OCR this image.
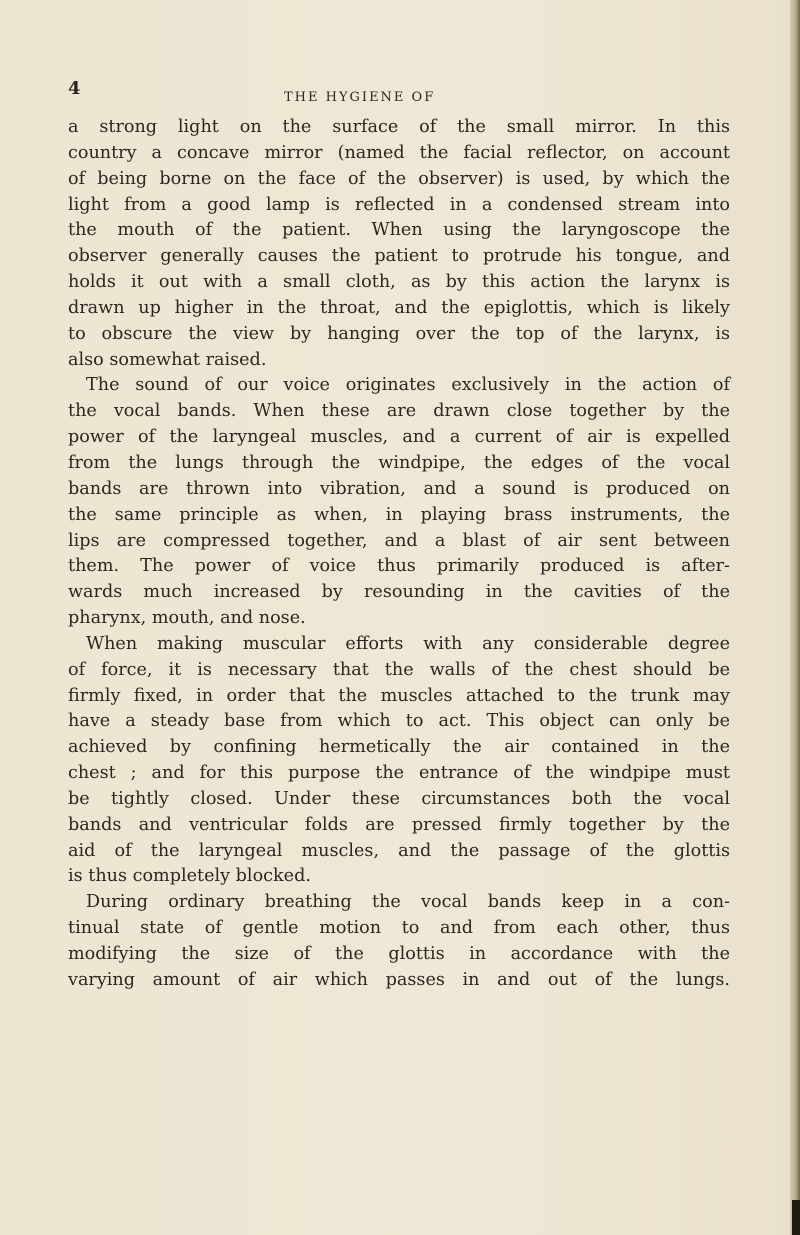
4	THE HYGIENE OF

a strong light on the surface of the small mirror. In this
country a concave mirror (named the facial reflector, on account
of being borne on the face of the observer) is used, by which the
light from a good lamp is reflected in a condensed stream into
the mouth of the patient. When using the laryngoscope the
observer generally causes the patient to protrude his tongue, and
holds it out with a small cloth, as by this action the larynx is
drawn up higher in the throat, and the epiglottis, which is likely
to obscure the view by hanging over the top of the larynx, is
also somewhat raised.
The sound of our voice originates exclusively in the action of
the vocal bands. When these are drawn close together by the
power of the laryngeal muscles, and a current of air is expelled
from the lungs through the windpipe, the edges of the vocal
bands are thrown into vibration, and a sound is produced on
the same principle as when, in playing brass instruments, the
lips are compressed together, and a blast of air sent between
them. The power of voice thus primarily produced is after-
wards much increased by resounding in the cavities of the
pharynx, mouth, and nose.
When making muscular efforts with any considerable degree
of force, it is necessary that the walls of the chest should be
firmly fixed, in order that the muscles attached to the trunk may
have a steady base from which to act. This object can only be
achieved by confining hermetically the air contained in the
chest ; and for this purpose the entrance of the windpipe must
be tightly closed. Under these circumstances both the vocal
bands and ventricular folds are pressed firmly together by the
aid of the laryngeal muscles, and the passage of the glottis
is thus completely blocked.
During ordinary breathing the vocal bands keep in a con-
tinual state of gentle motion to and from each other, thus
modifying the size of the glottis in accordance with the
varying amount of air which passes in and out of the lungs.
